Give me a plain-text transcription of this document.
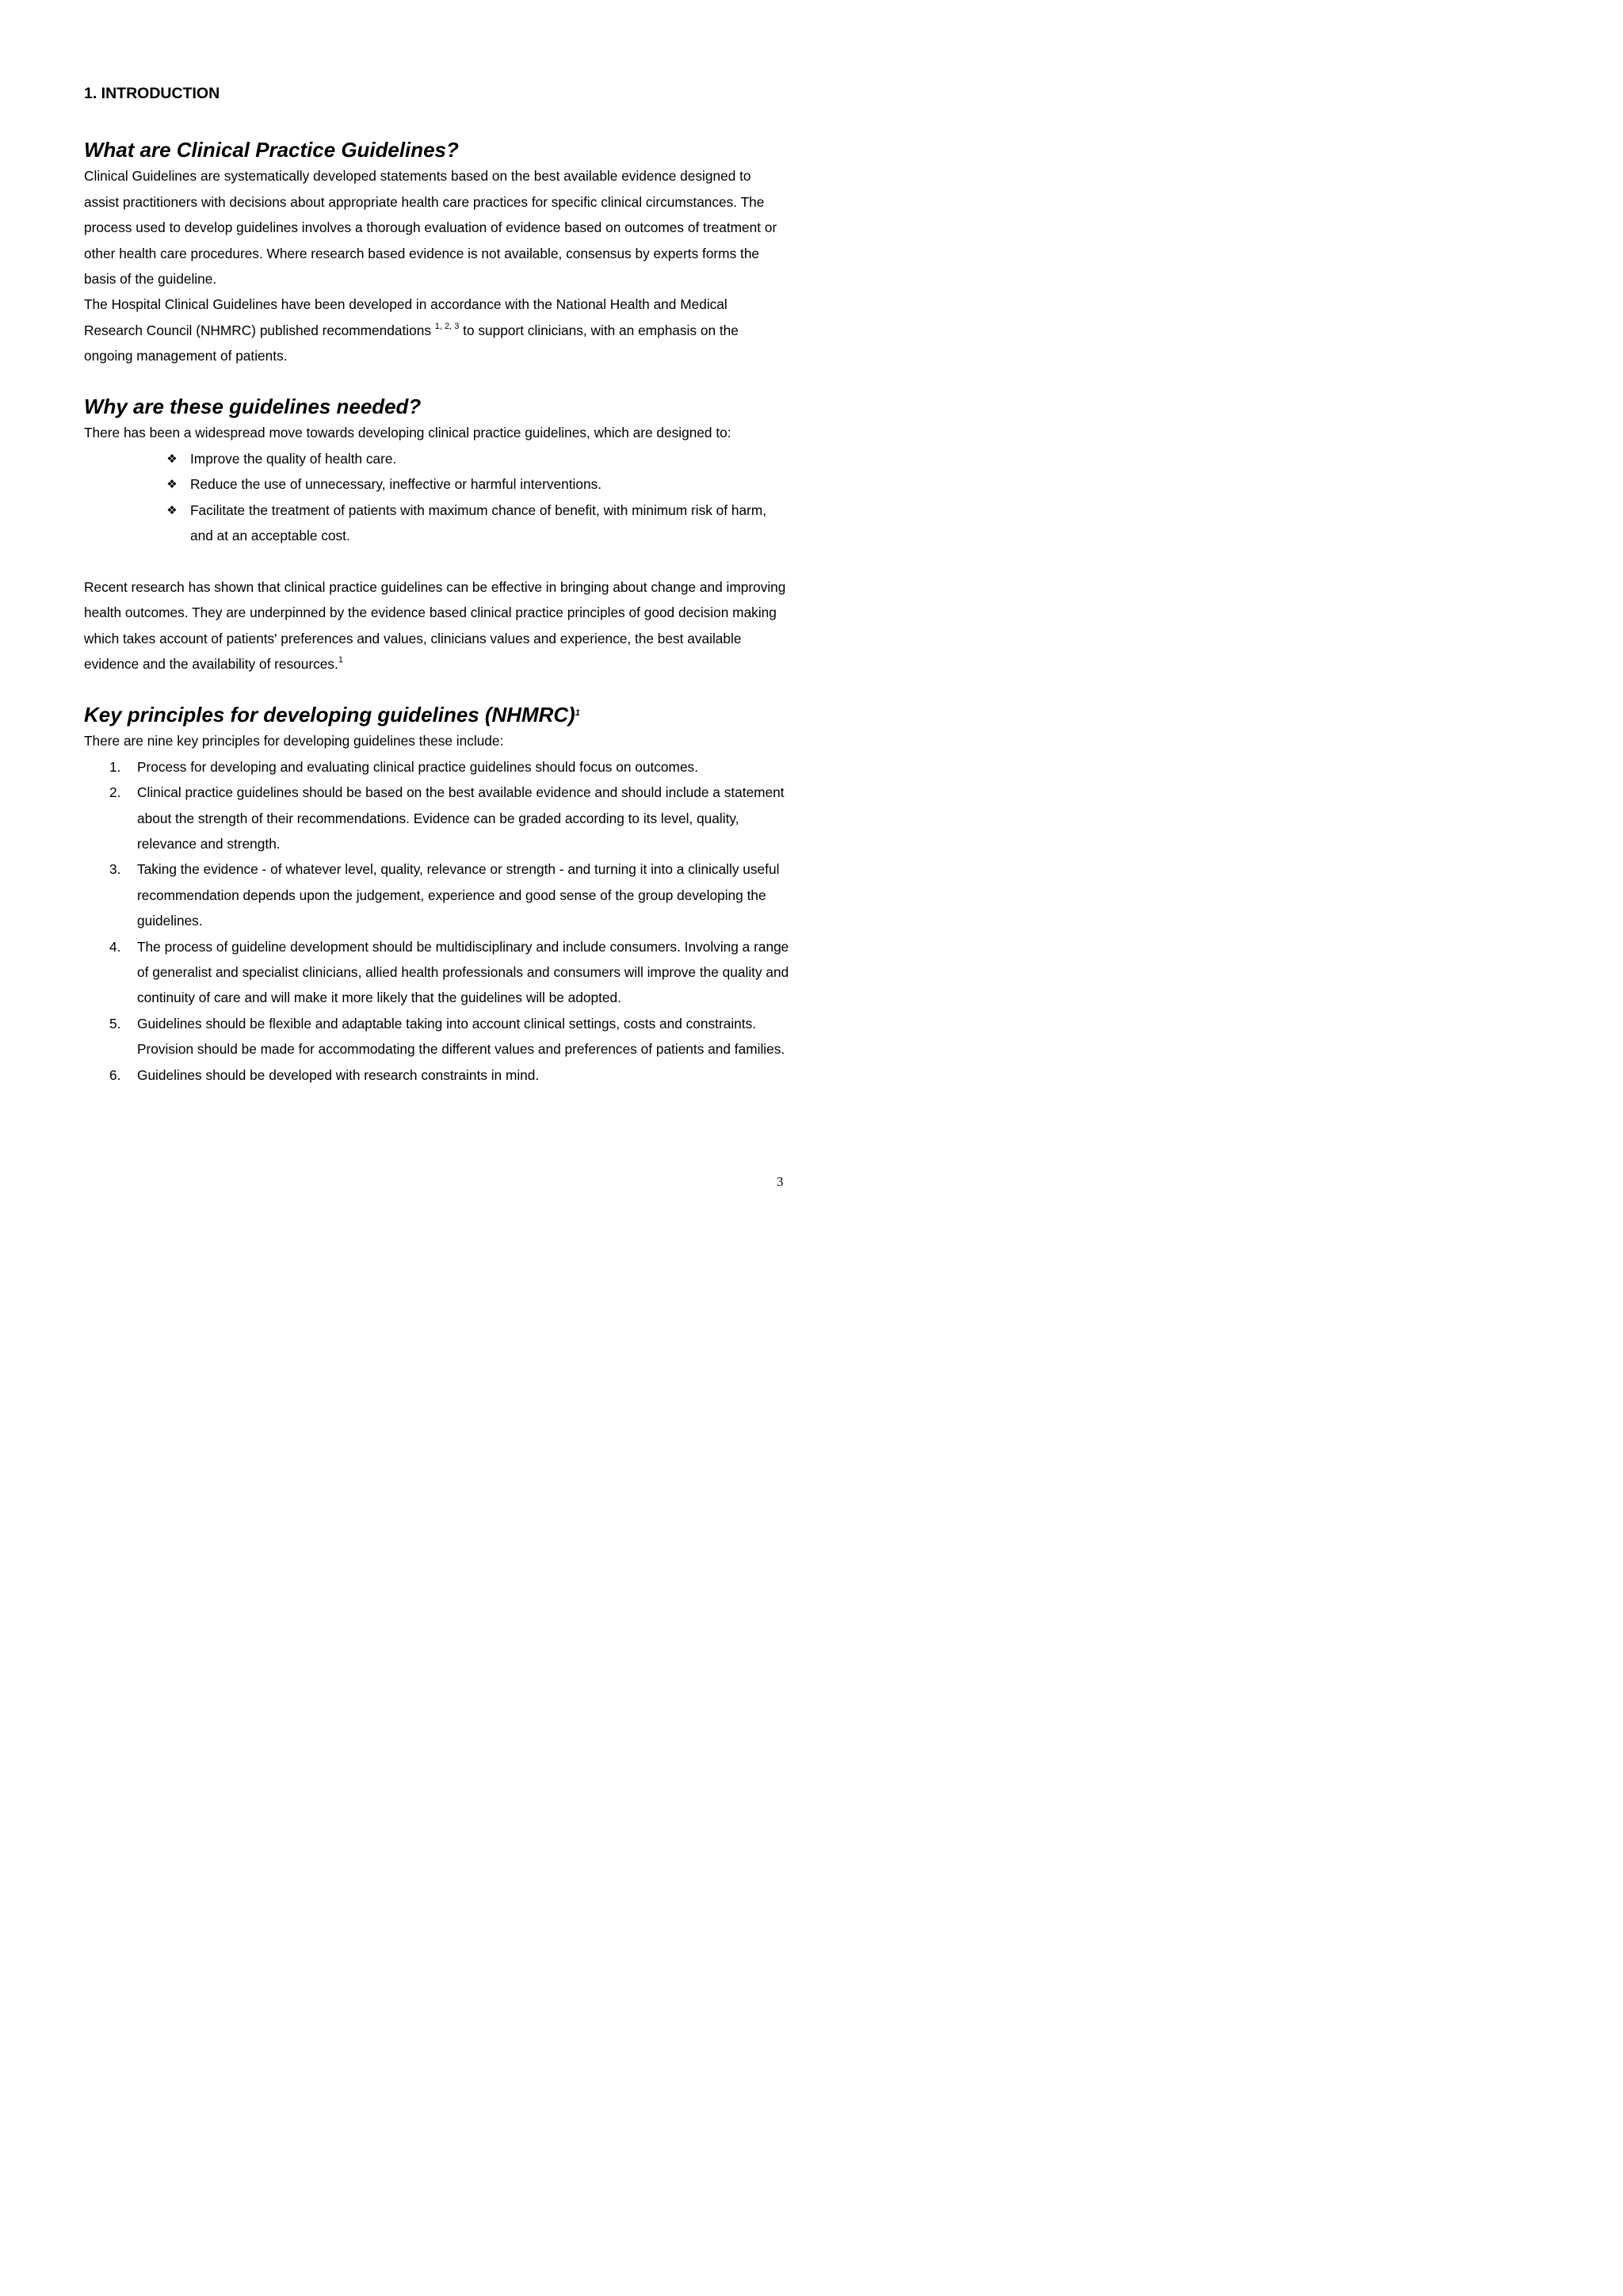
1. INTRODUCTION
What are Clinical Practice Guidelines?

Clinical Guidelines are systematically developed statements based on the best available evidence designed to assist practitioners with decisions about appropriate health care practices for specific clinical circumstances. The process used to develop guidelines involves a thorough evaluation of evidence based on outcomes of treatment or other health care procedures. Where research based evidence is not available, consensus by experts forms the basis of the guideline.

The Hospital Clinical Guidelines have been developed in accordance with the National Health and Medical Research Council (NHMRC) published recommendations $^{1, 2, 3}$ to support clinicians, with an emphasis on the ongoing management of patients.

Why are these guidelines needed?

There has been a widespread move towards developing clinical practice guidelines, which are designed to:

❖ Improve the quality of health care.
❖ Reduce the use of unnecessary, ineffective or harmful interventions.
❖ Facilitate the treatment of patients with maximum chance of benefit, with minimum risk of harm, and at an acceptable cost.

Recent research has shown that clinical practice guidelines can be effective in bringing about change and improving health outcomes. They are underpinned by the evidence based clinical practice principles of good decision making which takes account of patients' preferences and values, clinicians values and experience, the best available evidence and the availability of resources.$^1$

Key principles for developing guidelines (NHMRC)$^1$

There are nine key principles for developing guidelines these include:

1.	Process for developing and evaluating clinical practice guidelines should focus on outcomes.
2.	Clinical practice guidelines should be based on the best available evidence and should include a statement about the strength of their recommendations. Evidence can be graded according to its level, quality, relevance and strength.
3.	Taking the evidence - of whatever level, quality, relevance or strength - and turning it into a clinically useful recommendation depends upon the judgement, experience and good sense of the group developing the guidelines.
4.	The process of guideline development should be multidisciplinary and include consumers. Involving a range of generalist and specialist clinicians, allied health professionals and consumers will improve the quality and continuity of care and will make it more likely that the guidelines will be adopted.
5.	Guidelines should be flexible and adaptable taking into account clinical settings, costs and constraints. Provision should be made for accommodating the different values and preferences of patients and families.
6.	Guidelines should be developed with research constraints in mind.
3
